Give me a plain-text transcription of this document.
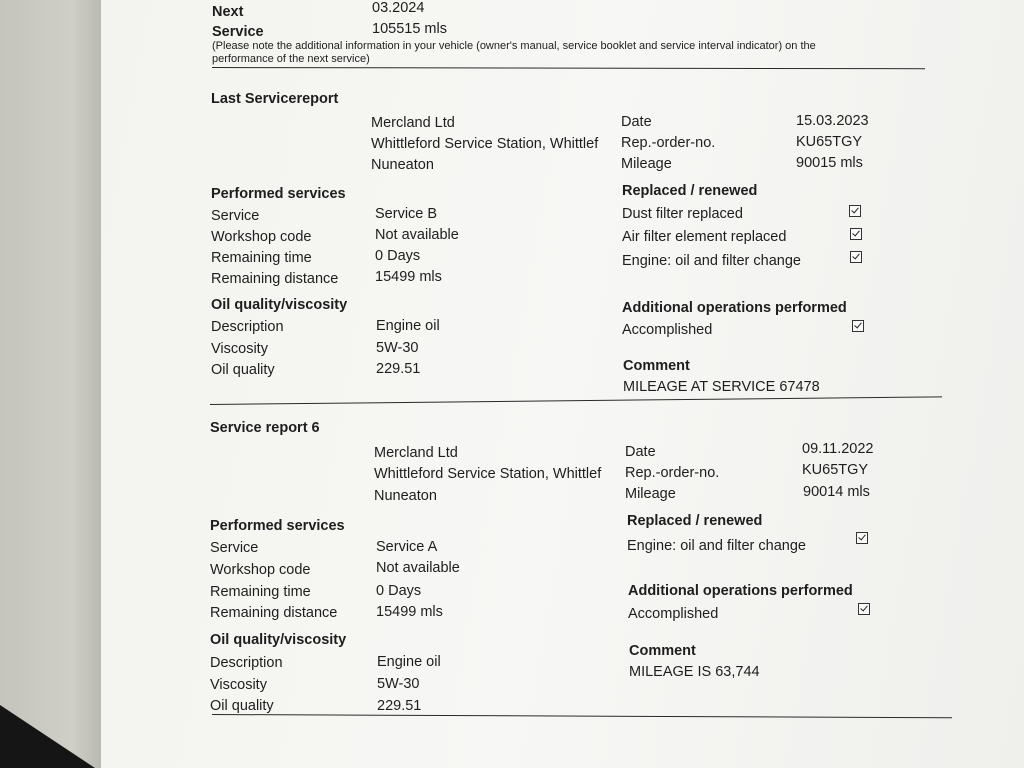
Next	03.2024
Service	105515 mls
(Please note the additional information in your vehicle (owner's manual, service booklet and service interval indicator) on the performance of the next service)
Last Servicereport
Mercland Ltd
Whittleford Service Station, Whittlef
Nuneaton
Date	15.03.2023
Rep.-order-no.	KU65TGY
Mileage	90015 mls
Performed services
Service	Service B
Workshop code	Not available
Remaining time	0 Days
Remaining distance	15499 mls
Oil quality/viscosity
Description	Engine oil
Viscosity	5W-30
Oil quality	229.51
Replaced / renewed
Dust filter replaced
Air filter element replaced
Engine: oil and filter change
Additional operations performed
Accomplished
Comment
MILEAGE AT SERVICE 67478
Service report 6
Mercland Ltd
Whittleford Service Station, Whittlef
Nuneaton
Date	09.11.2022
Rep.-order-no.	KU65TGY
Mileage	90014 mls
Performed services
Service	Service A
Workshop code	Not available
Remaining time	0 Days
Remaining distance	15499 mls
Oil quality/viscosity
Description	Engine oil
Viscosity	5W-30
Oil quality	229.51
Replaced / renewed
Engine: oil and filter change
Additional operations performed
Accomplished
Comment
MILEAGE IS 63,744
